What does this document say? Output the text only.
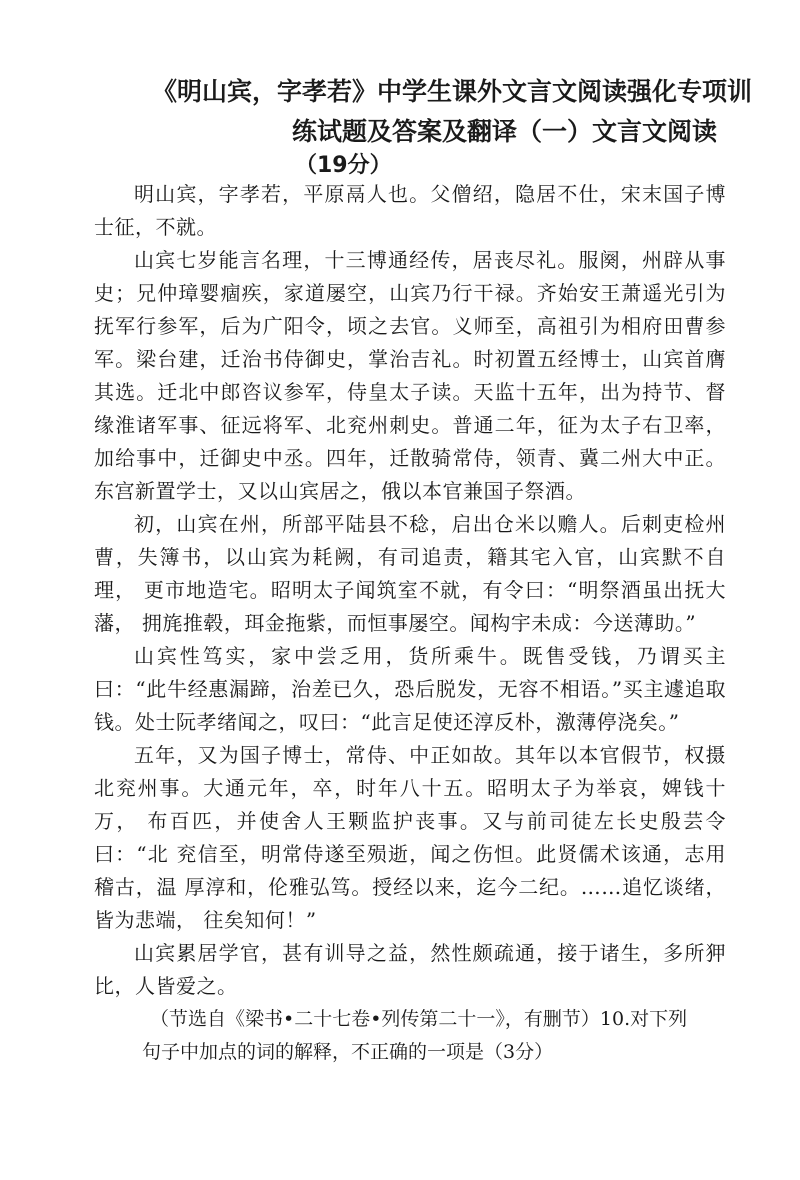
《明山宾，字孝若》中学生课外文言文阅读强化专项训
练试题及答案及翻译（一）文言文阅读
（19分）

明山宾，字孝若，平原鬲人也。父僧绍，隐居不仕，宋末国子博 士征，不就。

山宾七岁能言名理，十三博通经传，居丧尽礼。服阕，州辟从事 史；兄仲璋婴痼疾，家道屡空，山宾乃行干禄。齐始安王萧遥光引为 抚军行参军，后为广阳令，顷之去官。义师至，高祖引为相府田曹参 军。梁台建，迁治书侍御史，掌治吉礼。时初置五经博士，山宾首膺 其选。迁北中郎咨议参军，侍皇太子读。天监十五年，出为持节、督 缘淮诸军事、征远将军、北兖州刺史。普通二年，征为太子右卫率，加给事中，迁御史中丞。四年，迁散骑常侍，领青、冀二州大中正。 东宫新置学士，又以山宾居之，俄以本官兼国子祭酒。

初，山宾在州，所部平陆县不稔，启出仓米以赡人。后刺吏检州 曹，失簿书，以山宾为耗阙，有司追责，籍其宅入官，山宾默不自理， 更市地造宅。昭明太子闻筑室不就，有令曰：“明祭酒虽出抚大藩， 拥旄推毂，珥金拖紫，而恒事屡空。闻构宇未成：今送薄助。”

山宾性笃实，家中尝乏用，货所乘牛。既售受钱，乃谓买主曰：“此牛经惠漏蹄，治差已久，恐后脱发，无容不相语。”买主遽追取 钱。处士阮孝绪闻之，叹曰：“此言足使还淳反朴，激薄停浇矣。”

五年，又为国子博士，常侍、中正如故。其年以本官假节，权摄 北兖州事。大通元年，卒，时年八十五。昭明太子为举哀，婢钱十万， 布百匹，并使舍人王颗监护丧事。又与前司徒左长史殷芸令曰：“北 兖信至，明常侍遂至殒逝，闻之伤怛。此贤儒术该通，志用稽古，温 厚淳和，伦雅弘笃。授经以来，迄今二纪。……追忆谈绪，皆为悲端， 往矣知何！”

山宾累居学官，甚有训导之益，然性颇疏通，接于诸生，多所狎 比，人皆爱之。

（节选自《梁书•二十七卷•列传第二十一》，有删节）10.对下列

句子中加点的词的解释，不正确的一项是（3分）
